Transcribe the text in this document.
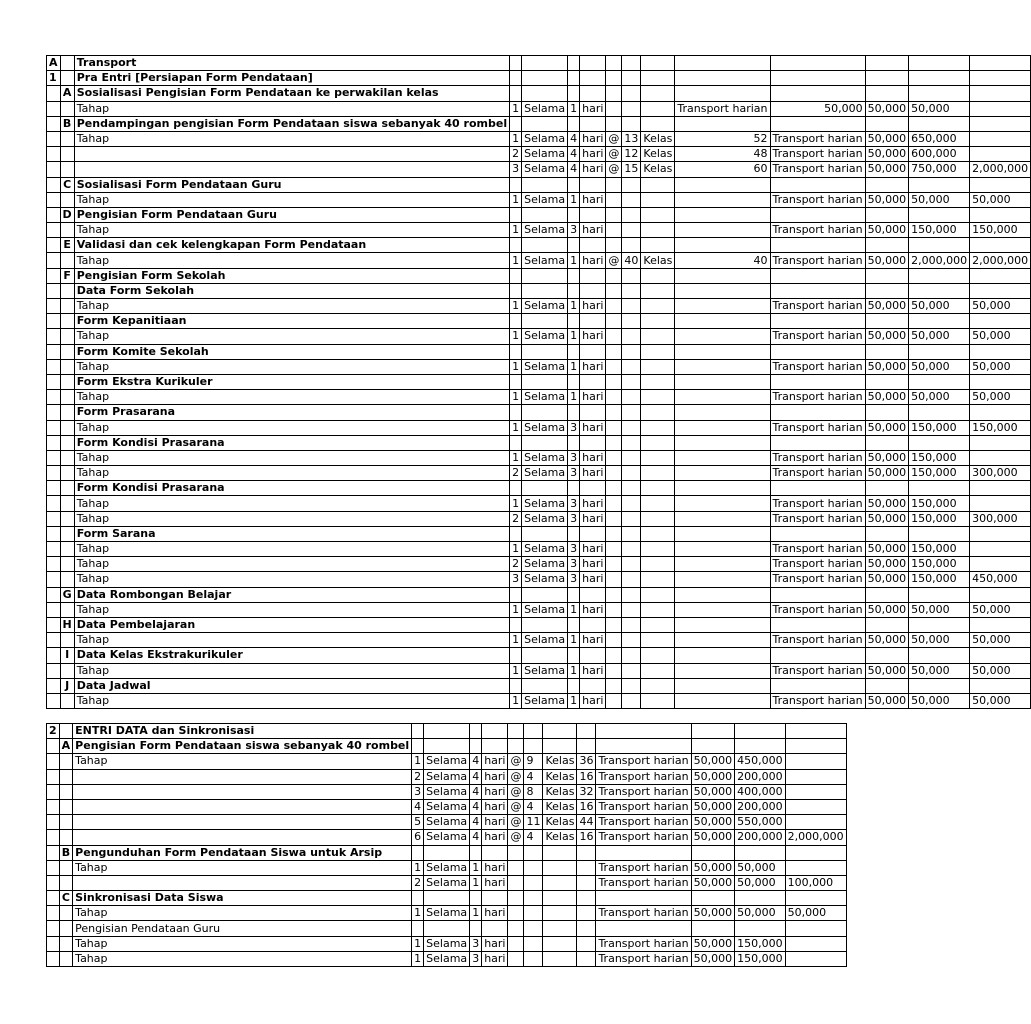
A		Transport												
1		Pra Entri [Persiapan Form Pendataan]												
	A	Sosialisasi Pengisian Form Pendataan ke perwakilan kelas												
		Tahap	1	Selama	1	hari				Transport harian	50,000	50,000	50,000	
	B	Pendampingan pengisian Form Pendataan siswa sebanyak 40 rombel												
		Tahap	1	Selama	4	hari	@	13	Kelas	52	Transport harian	50,000	650,000	
			2	Selama	4	hari	@	12	Kelas	48	Transport harian	50,000	600,000	
			3	Selama	4	hari	@	15	Kelas	60	Transport harian	50,000	750,000	2,000,000
	C	Sosialisasi Form Pendataan Guru												
		Tahap	1	Selama	1	hari					Transport harian	50,000	50,000	50,000
	D	Pengisian Form Pendataan Guru												
		Tahap	1	Selama	3	hari					Transport harian	50,000	150,000	150,000
	E	Validasi dan cek kelengkapan Form Pendataan												
		Tahap	1	Selama	1	hari	@	40	Kelas	40	Transport harian	50,000	2,000,000	2,000,000
	F	Pengisian Form Sekolah												
		Data Form Sekolah												
		Tahap	1	Selama	1	hari					Transport harian	50,000	50,000	50,000
		Form Kepanitiaan												
		Tahap	1	Selama	1	hari					Transport harian	50,000	50,000	50,000
		Form Komite Sekolah												
		Tahap	1	Selama	1	hari					Transport harian	50,000	50,000	50,000
		Form Ekstra Kurikuler												
		Tahap	1	Selama	1	hari					Transport harian	50,000	50,000	50,000
		Form Prasarana												
		Tahap	1	Selama	3	hari					Transport harian	50,000	150,000	150,000
		Form Kondisi Prasarana												
		Tahap	1	Selama	3	hari					Transport harian	50,000	150,000	
		Tahap	2	Selama	3	hari					Transport harian	50,000	150,000	300,000
		Form Kondisi Prasarana												
		Tahap	1	Selama	3	hari					Transport harian	50,000	150,000	
		Tahap	2	Selama	3	hari					Transport harian	50,000	150,000	300,000
		Form Sarana												
		Tahap	1	Selama	3	hari					Transport harian	50,000	150,000	
		Tahap	2	Selama	3	hari					Transport harian	50,000	150,000	
		Tahap	3	Selama	3	hari					Transport harian	50,000	150,000	450,000
	G	Data Rombongan Belajar												
		Tahap	1	Selama	1	hari					Transport harian	50,000	50,000	50,000
	H	Data Pembelajaran												
		Tahap	1	Selama	1	hari					Transport harian	50,000	50,000	50,000
	I	Data Kelas Ekstrakurikuler												
		Tahap	1	Selama	1	hari					Transport harian	50,000	50,000	50,000
	J	Data Jadwal												
		Tahap	1	Selama	1	hari					Transport harian	50,000	50,000	50,000
2		ENTRI DATA dan Sinkronisasi												
	A	Pengisian Form Pendataan siswa sebanyak 40 rombel												
		Tahap	1	Selama	4	hari	@	9	Kelas	36	Transport harian	50,000	450,000	
			2	Selama	4	hari	@	4	Kelas	16	Transport harian	50,000	200,000	
			3	Selama	4	hari	@	8	Kelas	32	Transport harian	50,000	400,000	
			4	Selama	4	hari	@	4	Kelas	16	Transport harian	50,000	200,000	
			5	Selama	4	hari	@	11	Kelas	44	Transport harian	50,000	550,000	
			6	Selama	4	hari	@	4	Kelas	16	Transport harian	50,000	200,000	2,000,000
	B	Pengunduhan Form Pendataan Siswa untuk Arsip												
		Tahap	1	Selama	1	hari					Transport harian	50,000	50,000	
			2	Selama	1	hari					Transport harian	50,000	50,000	100,000
	C	Sinkronisasi Data Siswa												
		Tahap	1	Selama	1	hari					Transport harian	50,000	50,000	50,000
		Pengisian Pendataan Guru												
		Tahap	1	Selama	3	hari					Transport harian	50,000	150,000	
		Tahap	1	Selama	3	hari					Transport harian	50,000	150,000	
